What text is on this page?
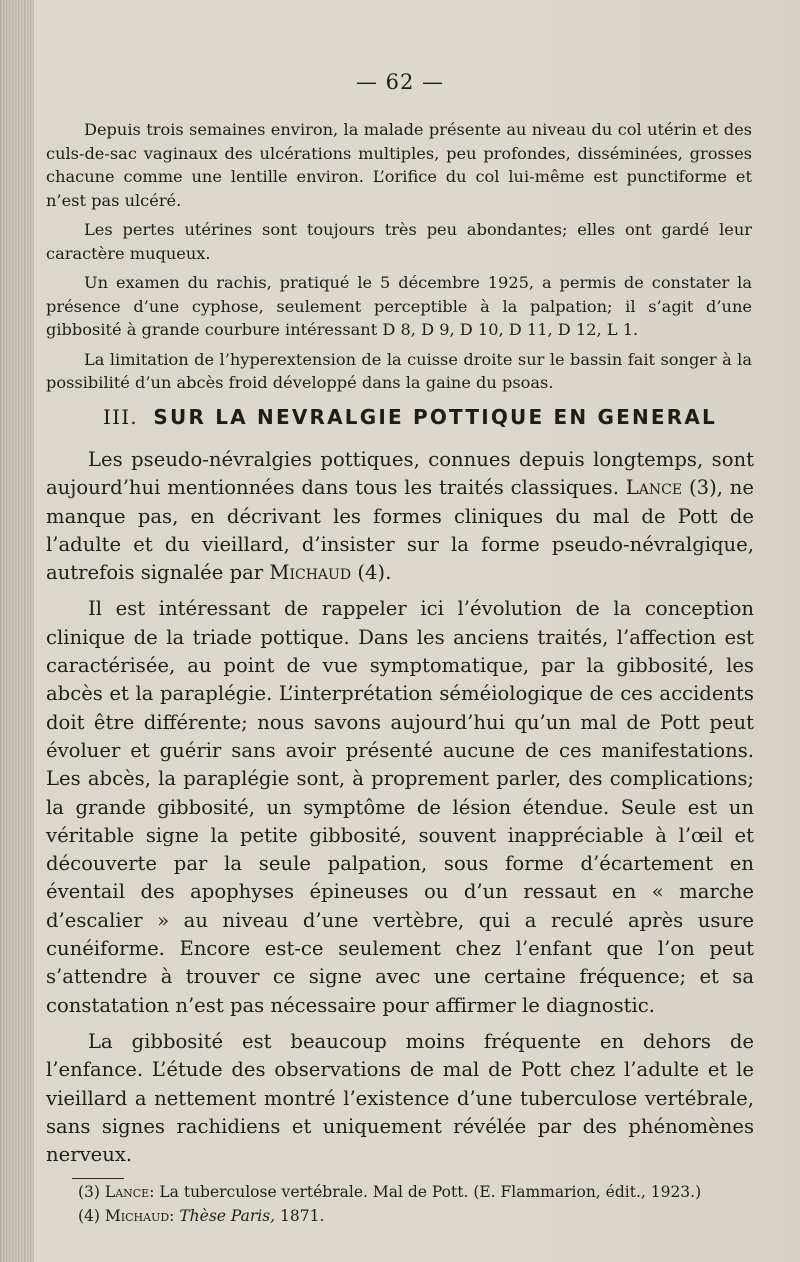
— 62 —

Depuis trois semaines environ, la malade présente au niveau du col utérin et des culs-de-sac vaginaux des ulcérations multiples, peu profondes, disséminées, grosses chacune comme une lentille environ. L’orifice du col lui-même est punctiforme et n’est pas ulcéré.

Les pertes utérines sont toujours très peu abondantes; elles ont gardé leur caractère muqueux.

Un examen du rachis, pratiqué le 5 décembre 1925, a permis de constater la présence d’une cyphose, seulement perceptible à la palpation; il s’agit d’une gibbosité à grande courbure intéressant D 8, D 9, D 10, D 11, D 12, L 1.

La limitation de l’hyperextension de la cuisse droite sur le bassin fait songer à la possibilité d’un abcès froid développé dans la gaine du psoas.

III. SUR LA NEVRALGIE POTTIQUE EN GENERAL

Les pseudo-névralgies pottiques, connues depuis longtemps, sont aujourd’hui mentionnées dans tous les traités classiques. Lance (3), ne manque pas, en décrivant les formes cliniques du mal de Pott de l’adulte et du vieillard, d’insister sur la forme pseudo-névralgique, autrefois signalée par Michaud (4).

Il est intéressant de rappeler ici l’évolution de la conception clinique de la triade pottique. Dans les anciens traités, l’affection est caractérisée, au point de vue symptomatique, par la gibbosité, les abcès et la paraplégie. L’interprétation séméiologique de ces accidents doit être différente; nous savons aujourd’hui qu’un mal de Pott peut évoluer et guérir sans avoir présenté aucune de ces manifestations. Les abcès, la paraplégie sont, à proprement parler, des complications; la grande gibbosité, un symptôme de lésion étendue. Seule est un véritable signe la petite gibbosité, souvent inappréciable à l’œil et découverte par la seule palpation, sous forme d’écartement en éventail des apophyses épineuses ou d’un ressaut en « marche d’escalier » au niveau d’une vertèbre, qui a reculé après usure cunéiforme. Encore est-ce seulement chez l’enfant que l’on peut s’attendre à trouver ce signe avec une certaine fréquence; et sa constatation n’est pas nécessaire pour affirmer le diagnostic.

La gibbosité est beaucoup moins fréquente en dehors de l’enfance. L’étude des observations de mal de Pott chez l’adulte et le vieillard a nettement montré l’existence d’une tuberculose vertébrale, sans signes rachidiens et uniquement révélée par des phénomènes nerveux.

(3) Lance: La tuberculose vertébrale. Mal de Pott. (E. Flammarion, édit., 1923.)
(4) Michaud: Thèse Paris, 1871.
